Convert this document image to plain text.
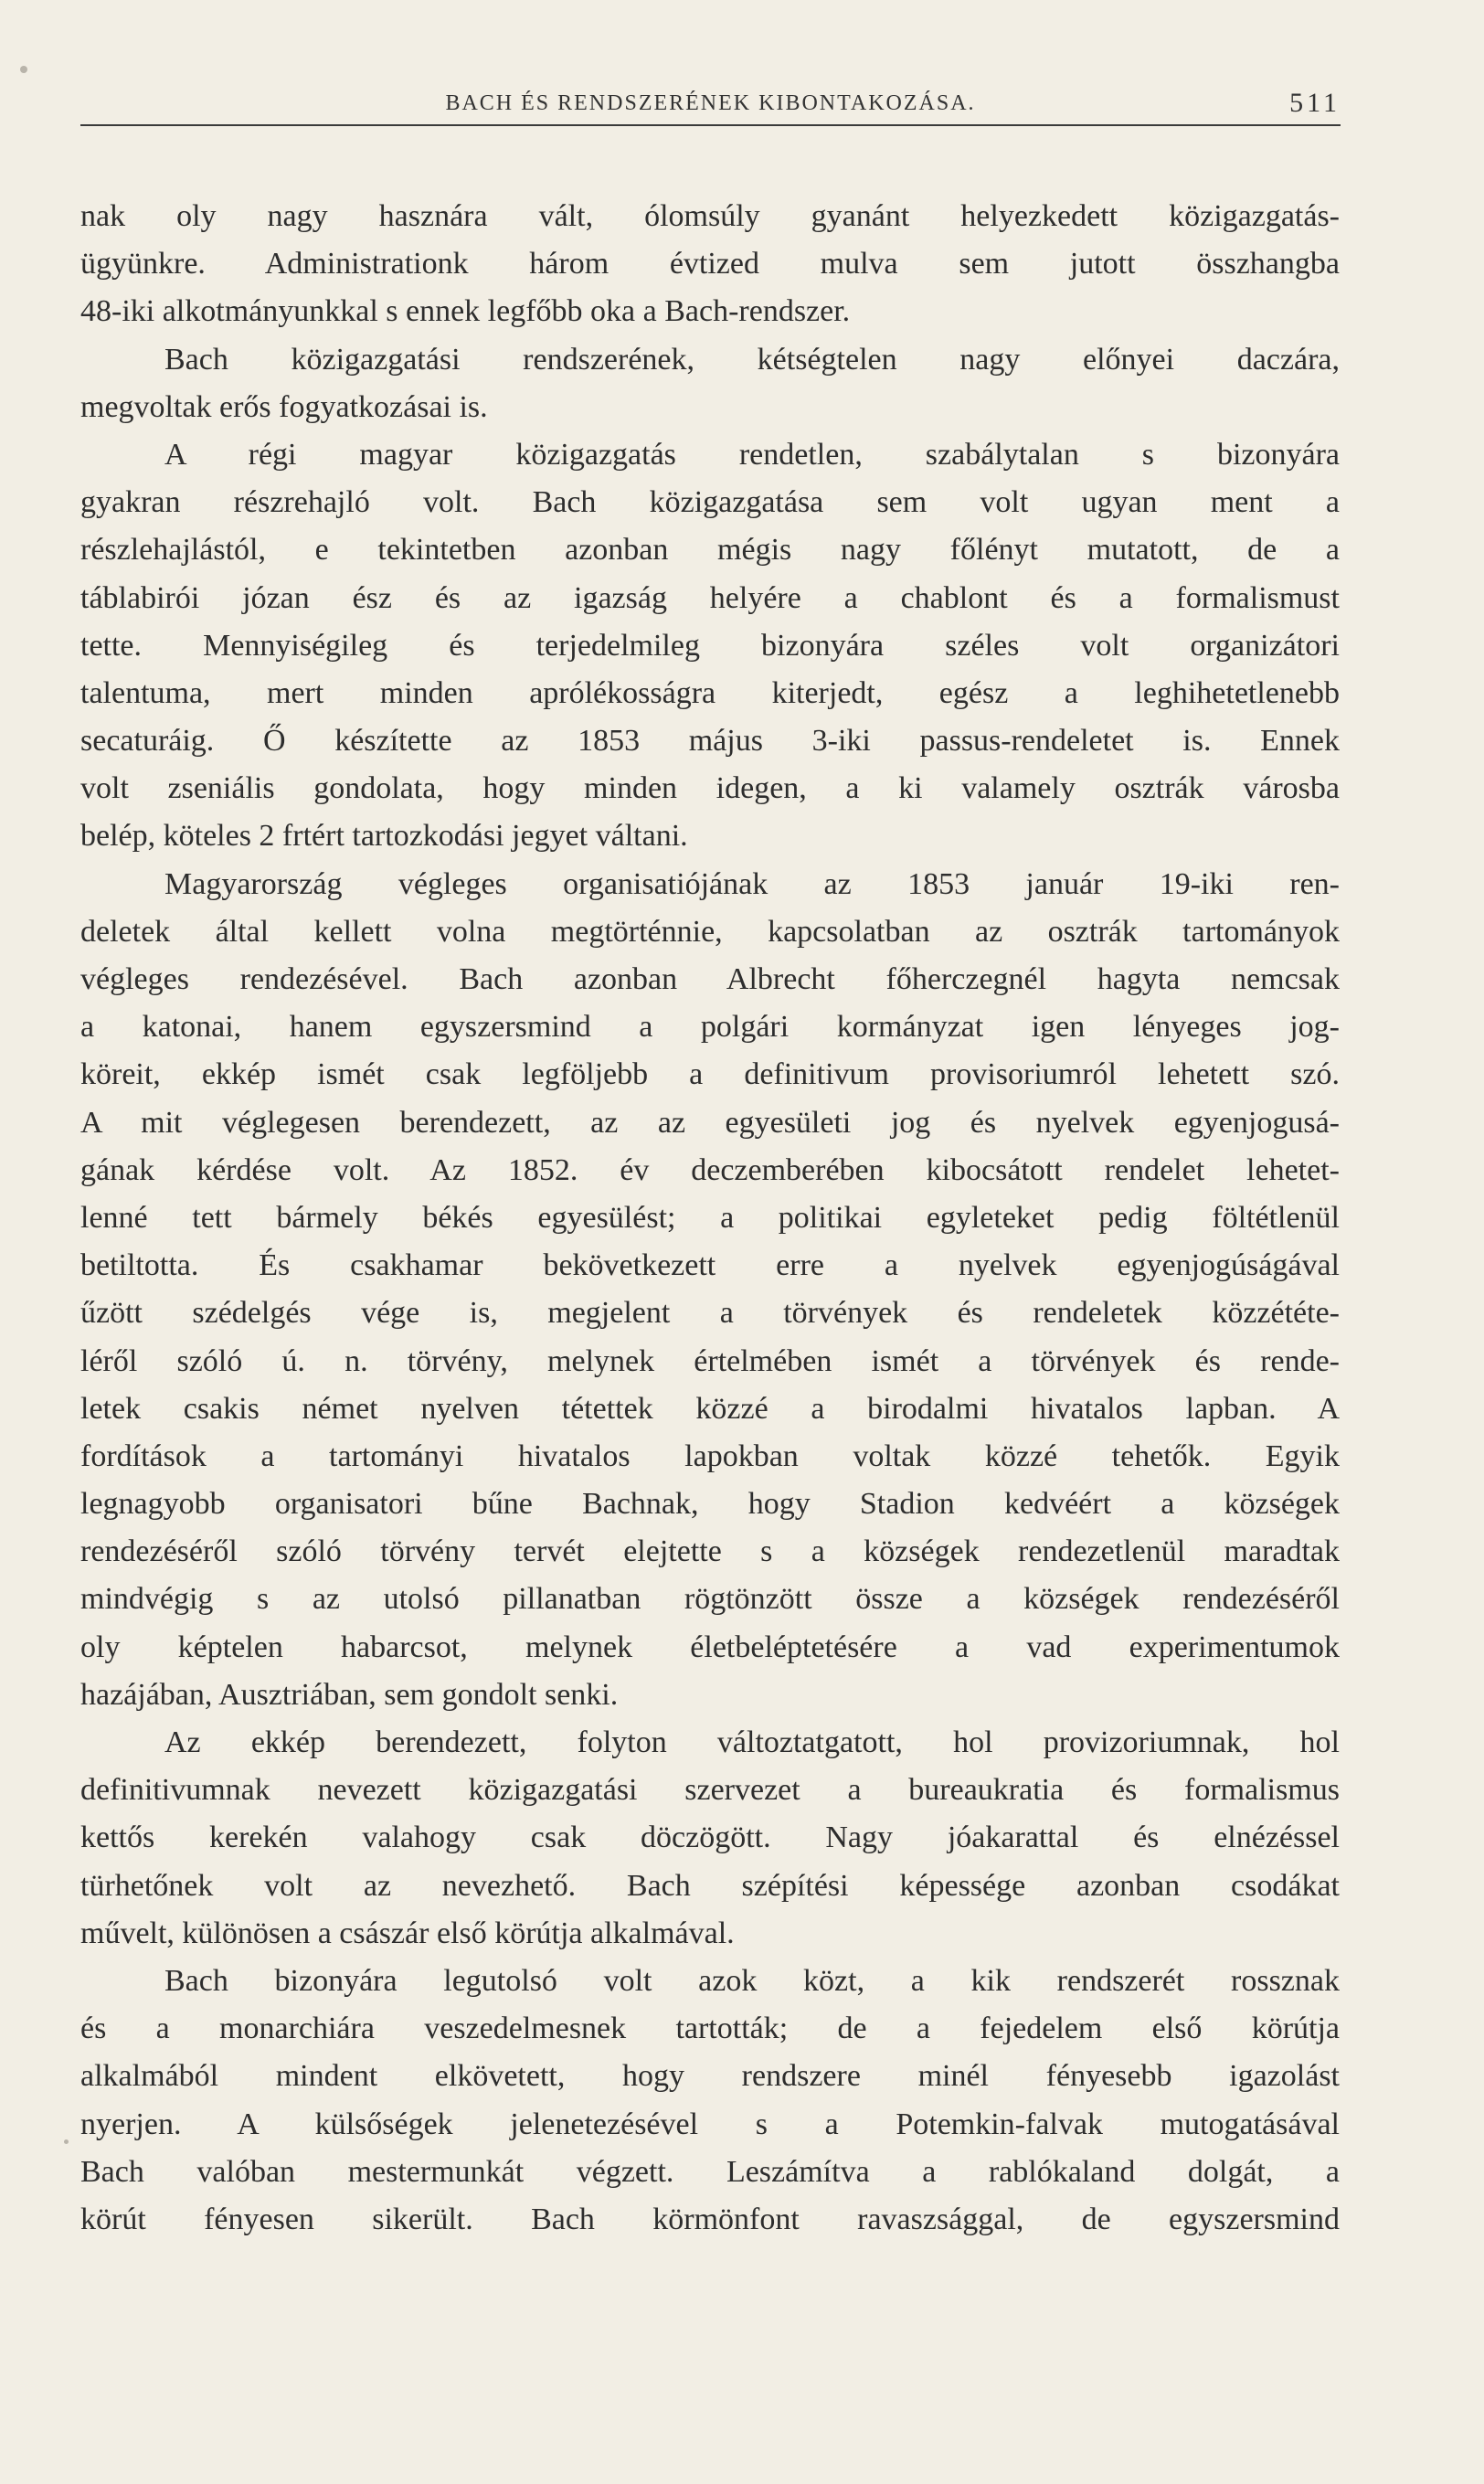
BACH ÉS RENDSZERÉNEK KIBONTAKOZÁSA.	511
nak oly nagy hasznára vált, ólomsúly gyanánt helyezkedett közigazgatás-
ügyünkre. Administrationk három évtized mulva sem jutott összhangba
48-iki alkotmányunkkal s ennek legfőbb oka a Bach-rendszer.
Bach közigazgatási rendszerének, kétségtelen nagy előnyei daczára,
megvoltak erős fogyatkozásai is.
A régi magyar közigazgatás rendetlen, szabálytalan s bizonyára
gyakran részrehajló volt. Bach közigazgatása sem volt ugyan ment a
részlehajlástól, e tekintetben azonban mégis nagy főlényt mutatott, de a
táblabirói józan ész és az igazság helyére a chablont és a formalismust
tette. Mennyiségileg és terjedelmileg bizonyára széles volt organizátori
talentuma, mert minden aprólékosságra kiterjedt, egész a leghihetetlenebb
secaturáig. Ő készítette az 1853 május 3-iki passus-rendeletet is. Ennek
volt zseniális gondolata, hogy minden idegen, a ki valamely osztrák városba
belép, köteles 2 frtért tartozkodási jegyet váltani.
Magyarország végleges organisatiójának az 1853 január 19-iki ren-
deletek által kellett volna megtörténnie, kapcsolatban az osztrák tartományok
végleges rendezésével. Bach azonban Albrecht főherczegnél hagyta nemcsak
a katonai, hanem egyszersmind a polgári kormányzat igen lényeges jog-
köreit, ekkép ismét csak legföljebb a definitivum provisoriumról lehetett szó.
A mit véglegesen berendezett, az az egyesületi jog és nyelvek egyenjogusá-
gának kérdése volt. Az 1852. év deczemberében kibocsátott rendelet lehetet-
lenné tett bármely békés egyesülést; a politikai egyleteket pedig föltétlenül
betiltotta. És csakhamar bekövetkezett erre a nyelvek egyenjogúságával
űzött szédelgés vége is, megjelent a törvények és rendeletek közzététe-
léről szóló ú. n. törvény, melynek értelmében ismét a törvények és rende-
letek csakis német nyelven tétettek közzé a birodalmi hivatalos lapban. A
fordítások a tartományi hivatalos lapokban voltak közzé tehetők. Egyik
legnagyobb organisatori bűne Bachnak, hogy Stadion kedvéért a községek
rendezéséről szóló törvény tervét elejtette s a községek rendezetlenül maradtak
mindvégig s az utolsó pillanatban rögtönzött össze a községek rendezéséről
oly képtelen habarcsot, melynek életbeléptetésére a vad experimentumok
hazájában, Ausztriában, sem gondolt senki.
Az ekkép berendezett, folyton változtatgatott, hol provizoriumnak, hol
definitivumnak nevezett közigazgatási szervezet a bureaukratia és formalismus
kettős kerekén valahogy csak döczögött. Nagy jóakarattal és elnézéssel
türhetőnek volt az nevezhető. Bach szépítési képessége azonban csodákat
művelt, különösen a császár első körútja alkalmával.
Bach bizonyára legutolsó volt azok közt, a kik rendszerét rossznak
és a monarchiára veszedelmesnek tartották; de a fejedelem első körútja
alkalmából mindent elkövetett, hogy rendszere minél fényesebb igazolást
nyerjen. A külsőségek jelenetezésével s a Potemkin-falvak mutogatásával
Bach valóban mestermunkát végzett. Leszámítva a rablókaland dolgát, a
körút fényesen sikerült. Bach körmönfont ravaszsággal, de egyszersmind
